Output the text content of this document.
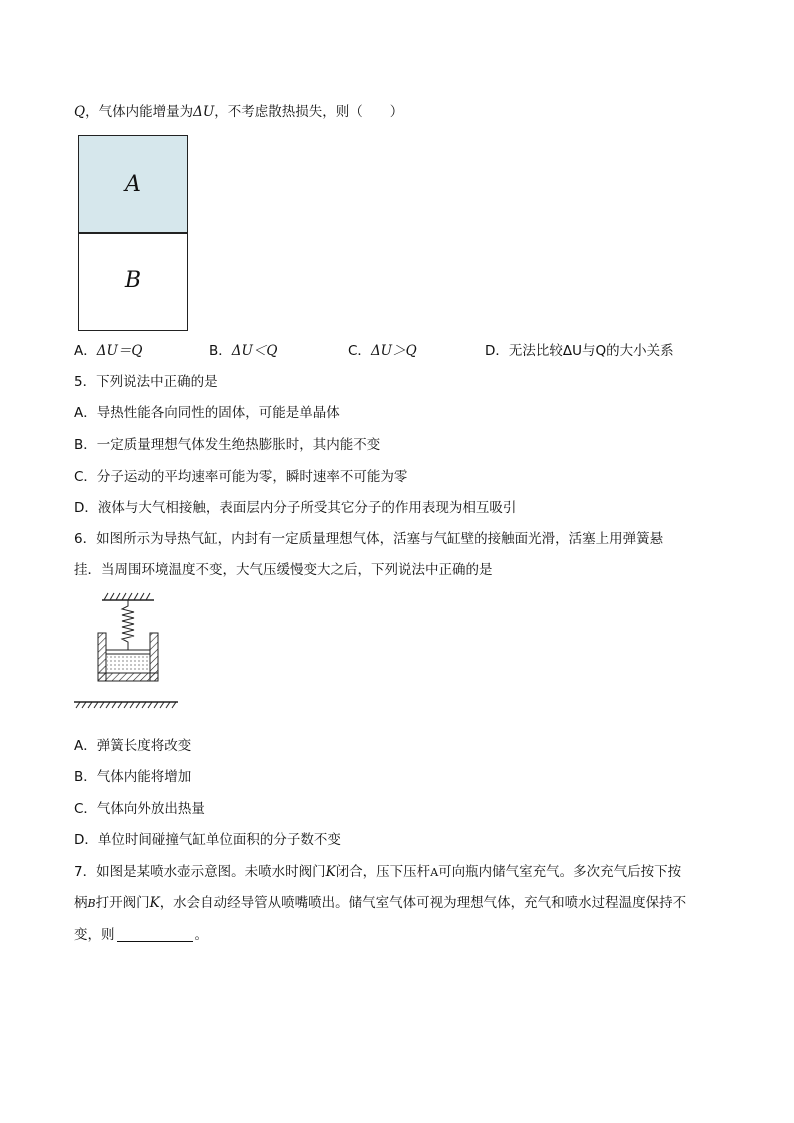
Q，气体内能增量为ΔU，不考虑散热损失，则（　　）
A
B
A．ΔU＝Q	B．ΔU＜Q	C．ΔU＞Q	D．无法比较ΔU与Q的大小关系
5．下列说法中正确的是
A．导热性能各向同性的固体，可能是单晶体
B．一定质量理想气体发生绝热膨胀时，其内能不变
C．分子运动的平均速率可能为零，瞬时速率不可能为零
D．液体与大气相接触，表面层内分子所受其它分子的作用表现为相互吸引
6．如图所示为导热气缸，内封有一定质量理想气体，活塞与气缸壁的接触面光滑，活塞上用弹簧悬
挂．当周围环境温度不变，大气压缓慢变大之后，下列说法中正确的是
A．弹簧长度将改变
B．气体内能将增加
C．气体向外放出热量
D．单位时间碰撞气缸单位面积的分子数不变
7．如图是某喷水壶示意图。未喷水时阀门K闭合，压下压杆A可向瓶内储气室充气。多次充气后按下按
柄B打开阀门K，水会自动经导管从喷嘴喷出。储气室气体可视为理想气体，充气和喷水过程温度保持不
变，则	。
